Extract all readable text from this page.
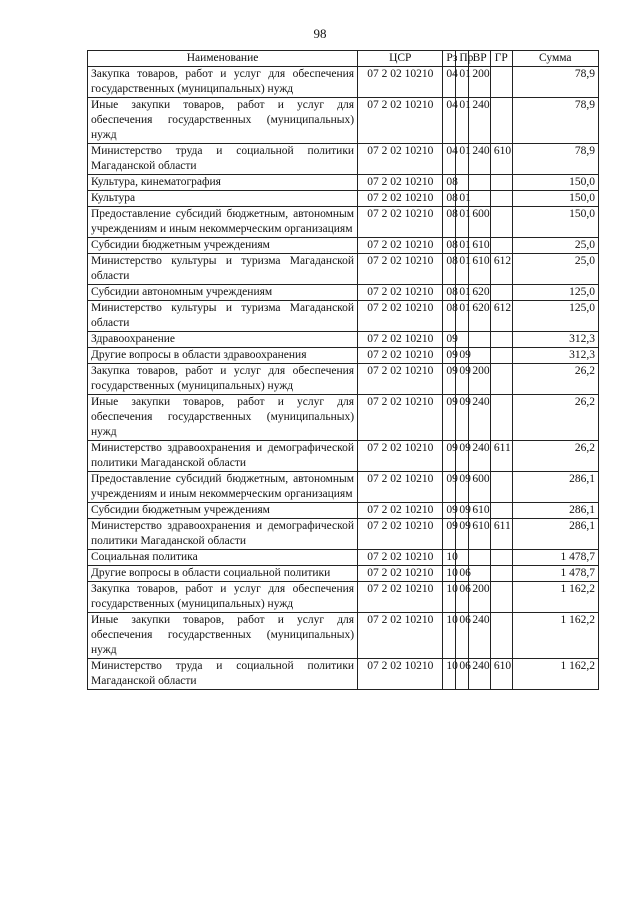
98
Наименование	ЦСР	Рз	Пр	ВР	ГР	Сумма
Закупка товаров, работ и услуг для обеспечения государственных (муниципальных) нужд	07 2 02 10210	04	01	200		78,9
Иные закупки товаров, работ и услуг для обеспечения государственных (муниципальных) нужд	07 2 02 10210	04	01	240		78,9
Министерство труда и социальной политики Магаданской области	07 2 02 10210	04	01	240	610	78,9
Культура, кинематография	07 2 02 10210	08				150,0
Культура	07 2 02 10210	08	01			150,0
Предоставление субсидий бюджетным, автономным учреждениям и иным некоммерческим организациям	07 2 02 10210	08	01	600		150,0
Субсидии бюджетным учреждениям	07 2 02 10210	08	01	610		25,0
Министерство культуры и туризма Магаданской области	07 2 02 10210	08	01	610	612	25,0
Субсидии автономным учреждениям	07 2 02 10210	08	01	620		125,0
Министерство культуры и туризма Магаданской области	07 2 02 10210	08	01	620	612	125,0
Здравоохранение	07 2 02 10210	09				312,3
Другие вопросы в области здравоохранения	07 2 02 10210	09	09			312,3
Закупка товаров, работ и услуг для обеспечения государственных (муниципальных) нужд	07 2 02 10210	09	09	200		26,2
Иные закупки товаров, работ и услуг для обеспечения государственных (муниципальных) нужд	07 2 02 10210	09	09	240		26,2
Министерство здравоохранения и демографической политики Магаданской области	07 2 02 10210	09	09	240	611	26,2
Предоставление субсидий бюджетным, автономным учреждениям и иным некоммерческим организациям	07 2 02 10210	09	09	600		286,1
Субсидии бюджетным учреждениям	07 2 02 10210	09	09	610		286,1
Министерство здравоохранения и демографической политики Магаданской области	07 2 02 10210	09	09	610	611	286,1
Социальная политика	07 2 02 10210	10				1 478,7
Другие вопросы в области социальной политики	07 2 02 10210	10	06			1 478,7
Закупка товаров, работ и услуг для обеспечения государственных (муниципальных) нужд	07 2 02 10210	10	06	200		1 162,2
Иные закупки товаров, работ и услуг для обеспечения государственных (муниципальных) нужд	07 2 02 10210	10	06	240		1 162,2
Министерство труда и социальной политики Магаданской области	07 2 02 10210	10	06	240	610	1 162,2
